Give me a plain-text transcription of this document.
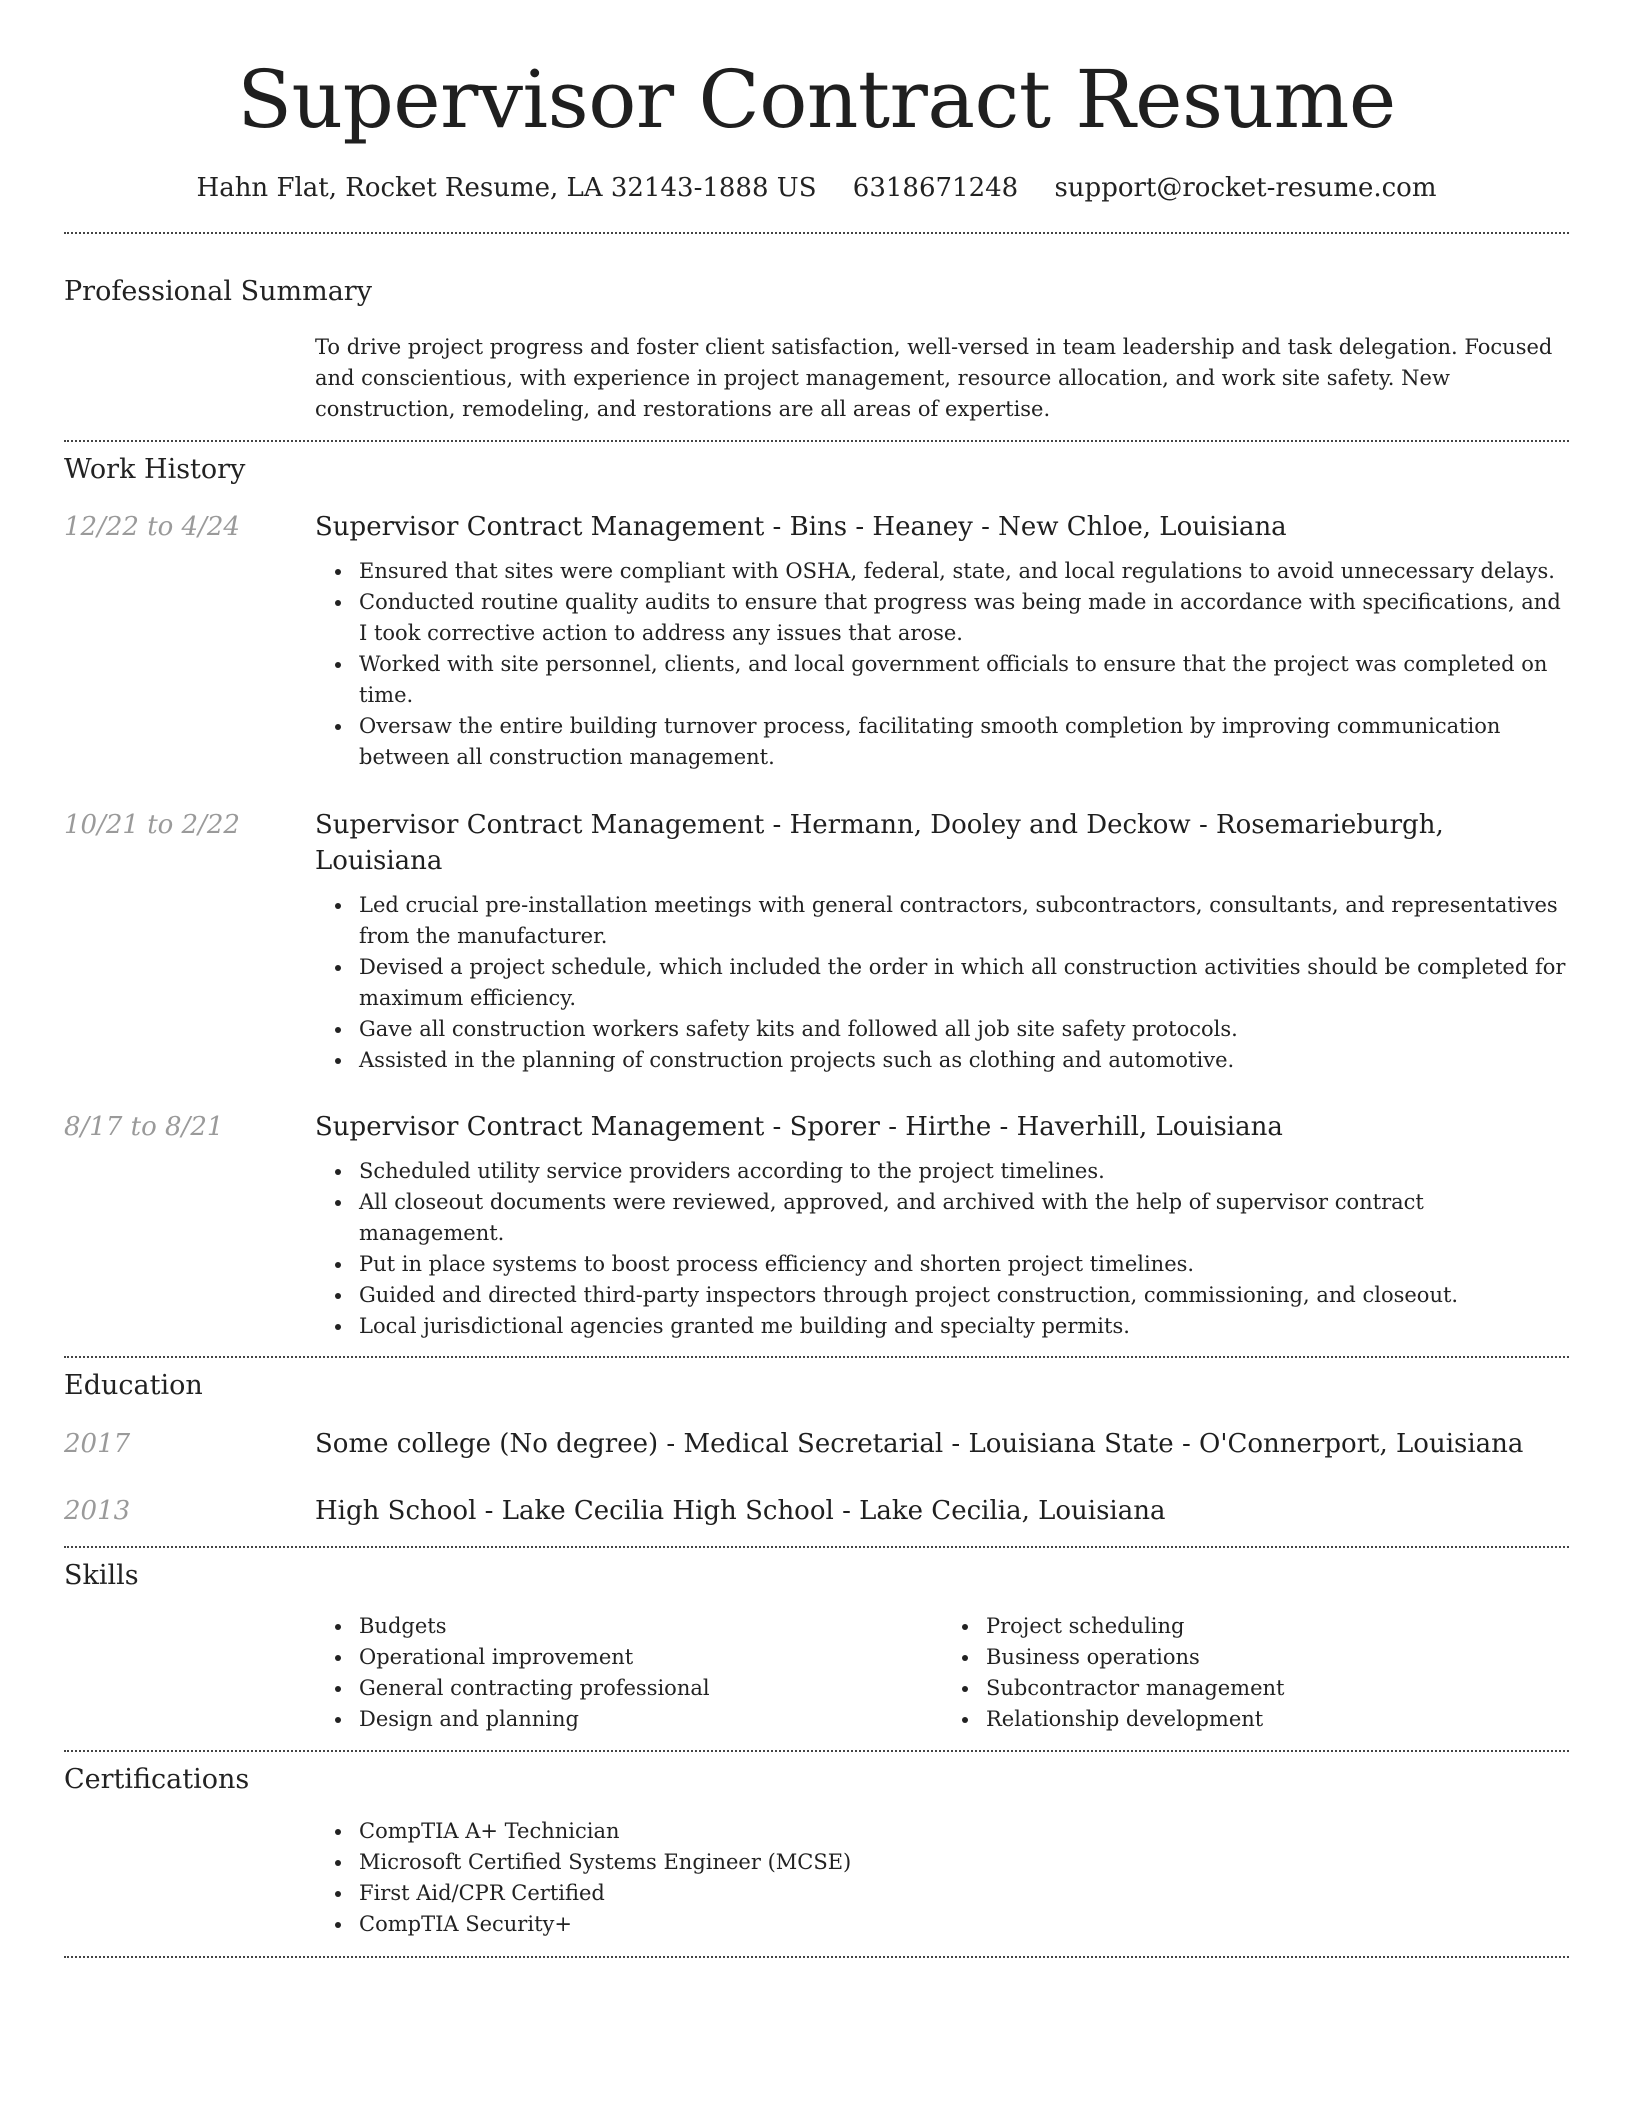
Supervisor Contract Resume
Hahn Flat, Rocket Resume, LA 32143-1888 US 6318671248 support@rocket-resume.com
Professional Summary

To drive project progress and foster client satisfaction, well-versed in team leadership and task delegation. Focused and conscientious, with experience in project management, resource allocation, and work site safety. New construction, remodeling, and restorations are all areas of expertise.

Work History
12/22 to 4/24	Supervisor Contract Management - Bins - Heaney - New Chloe, Louisiana
Ensured that sites were compliant with OSHA, federal, state, and local regulations to avoid unnecessary delays.
Conducted routine quality audits to ensure that progress was being made in accordance with specifications, and I took corrective action to address any issues that arose.
Worked with site personnel, clients, and local government officials to ensure that the project was completed on time.
Oversaw the entire building turnover process, facilitating smooth completion by improving communication between all construction management.
10/21 to 2/22	Supervisor Contract Management - Hermann, Dooley and Deckow - Rosemarieburgh, Louisiana
Led crucial pre-installation meetings with general contractors, subcontractors, consultants, and representatives from the manufacturer.
Devised a project schedule, which included the order in which all construction activities should be completed for maximum efficiency.
Gave all construction workers safety kits and followed all job site safety protocols.
Assisted in the planning of construction projects such as clothing and automotive.
8/17 to 8/21	Supervisor Contract Management - Sporer - Hirthe - Haverhill, Louisiana
Scheduled utility service providers according to the project timelines.
All closeout documents were reviewed, approved, and archived with the help of supervisor contract management.
Put in place systems to boost process efficiency and shorten project timelines.
Guided and directed third-party inspectors through project construction, commissioning, and closeout.
Local jurisdictional agencies granted me building and specialty permits.
Education
2017	Some college (No degree) - Medical Secretarial - Louisiana State - O'Connerport, Louisiana
2013	High School - Lake Cecilia High School - Lake Cecilia, Louisiana
Skills
Budgets
Operational improvement
General contracting professional
Design and planning
Project scheduling
Business operations
Subcontractor management
Relationship development
Certifications
CompTIA A+ Technician
Microsoft Certified Systems Engineer (MCSE)
First Aid/CPR Certified
CompTIA Security+
